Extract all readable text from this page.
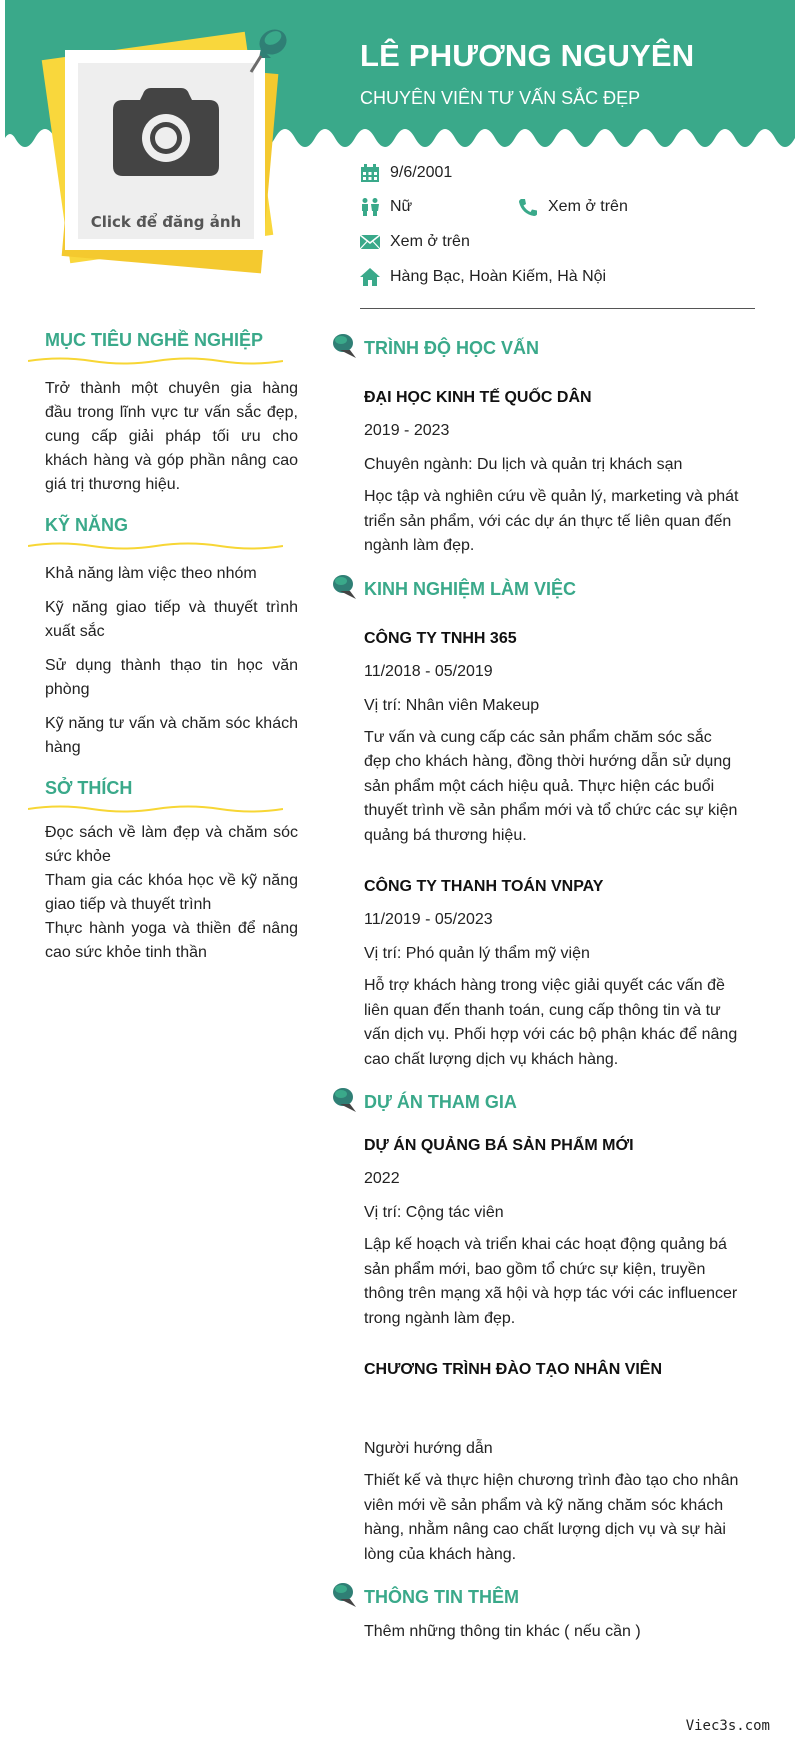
LÊ PHƯƠNG NGUYÊN
CHUYÊN VIÊN TƯ VẤN SẮC ĐẸP
Click để đăng ảnh
9/6/2001
Nữ	Xem ở trên
Xem ở trên
Hàng Bạc, Hoàn Kiếm, Hà Nội
MỤC TIÊU NGHỀ NGHIỆP
Trở thành một chuyên gia hàng đầu trong lĩnh vực tư vấn sắc đẹp, cung cấp giải pháp tối ưu cho khách hàng và góp phần nâng cao giá trị thương hiệu.
KỸ NĂNG
Khả năng làm việc theo nhóm
Kỹ năng giao tiếp và thuyết trình xuất sắc
Sử dụng thành thạo tin học văn phòng
Kỹ năng tư vấn và chăm sóc khách hàng
SỞ THÍCH
Đọc sách về làm đẹp và chăm sóc sức khỏe
Tham gia các khóa học về kỹ năng giao tiếp và thuyết trình
Thực hành yoga và thiền để nâng cao sức khỏe tinh thần
TRÌNH ĐỘ HỌC VẤN
ĐẠI HỌC KINH TẾ QUỐC DÂN
2019 - 2023
Chuyên ngành: Du lịch và quản trị khách sạn
Học tập và nghiên cứu về quản lý, marketing và phát triển sản phẩm, với các dự án thực tế liên quan đến ngành làm đẹp.
KINH NGHIỆM LÀM VIỆC
CÔNG TY TNHH 365
11/2018 - 05/2019
Vị trí: Nhân viên Makeup
Tư vấn và cung cấp các sản phẩm chăm sóc sắc đẹp cho khách hàng, đồng thời hướng dẫn sử dụng sản phẩm một cách hiệu quả. Thực hiện các buổi thuyết trình về sản phẩm mới và tổ chức các sự kiện quảng bá thương hiệu.
CÔNG TY THANH TOÁN VNPAY
11/2019 - 05/2023
Vị trí: Phó quản lý thẩm mỹ viện
Hỗ trợ khách hàng trong việc giải quyết các vấn đề liên quan đến thanh toán, cung cấp thông tin và tư vấn dịch vụ. Phối hợp với các bộ phận khác để nâng cao chất lượng dịch vụ khách hàng.
DỰ ÁN THAM GIA
DỰ ÁN QUẢNG BÁ SẢN PHẨM MỚI
2022
Vị trí: Cộng tác viên
Lập kế hoạch và triển khai các hoạt động quảng bá sản phẩm mới, bao gồm tổ chức sự kiện, truyền thông trên mạng xã hội và hợp tác với các influencer trong ngành làm đẹp.
CHƯƠNG TRÌNH ĐÀO TẠO NHÂN VIÊN
Người hướng dẫn
Thiết kế và thực hiện chương trình đào tạo cho nhân viên mới về sản phẩm và kỹ năng chăm sóc khách hàng, nhằm nâng cao chất lượng dịch vụ và sự hài lòng của khách hàng.
THÔNG TIN THÊM
Thêm những thông tin khác ( nếu cần )
Viec3s.com
